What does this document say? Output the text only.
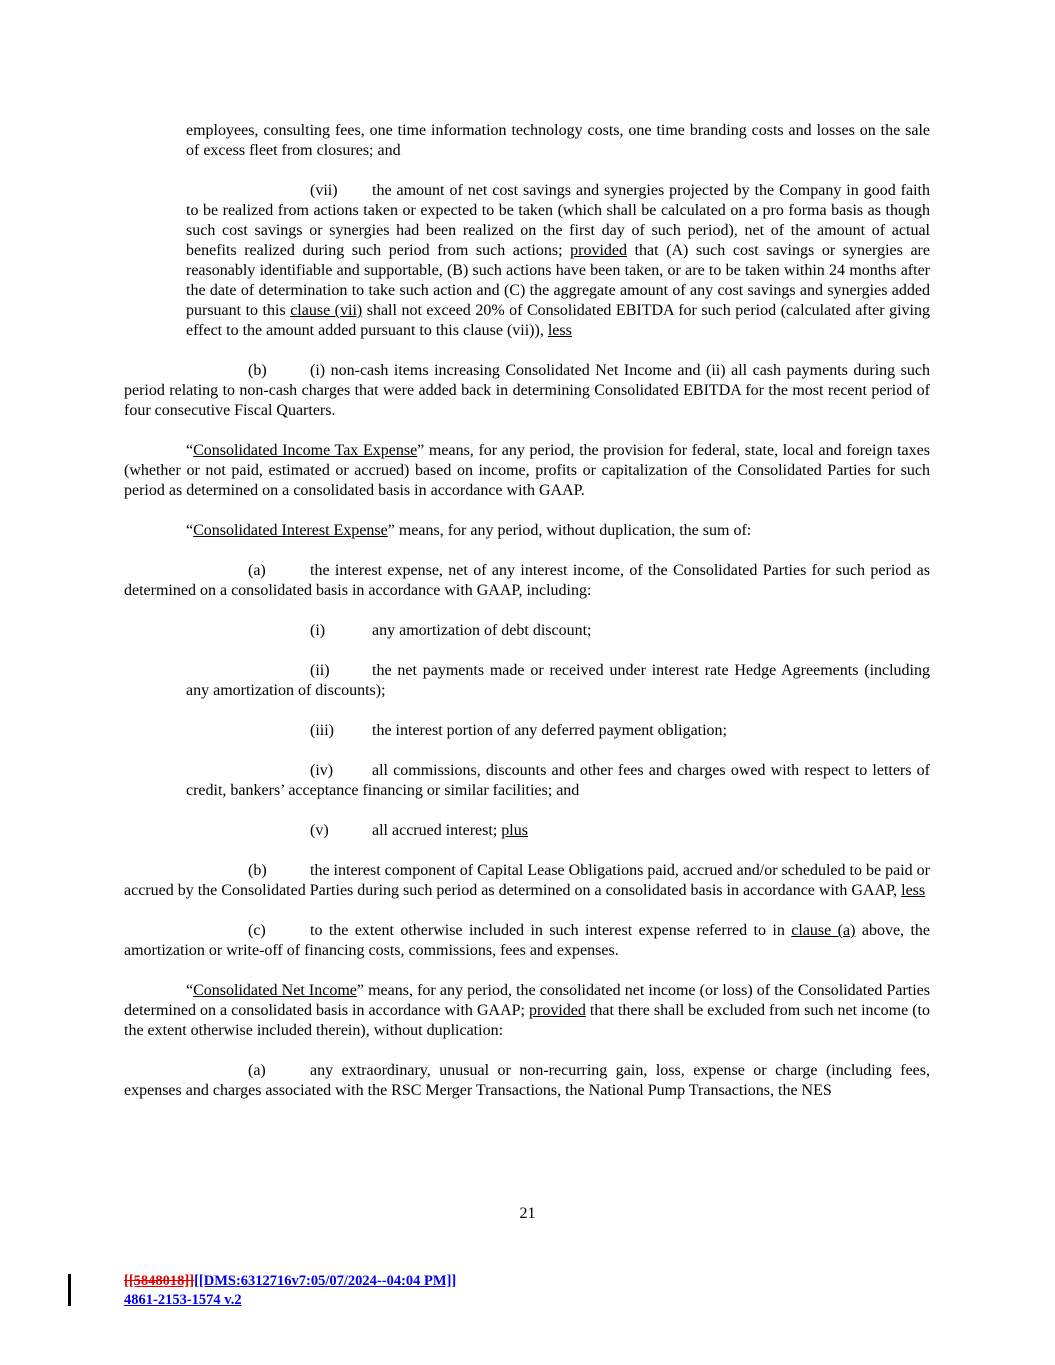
employees, consulting fees, one time information technology costs, one time branding costs and losses on the sale of excess fleet from closures; and

(vii) the amount of net cost savings and synergies projected by the Company in good faith to be realized from actions taken or expected to be taken (which shall be calculated on a pro forma basis as though such cost savings or synergies had been realized on the first day of such period), net of the amount of actual benefits realized during such period from such actions; provided that (A) such cost savings or synergies are reasonably identifiable and supportable, (B) such actions have been taken, or are to be taken within 24 months after the date of determination to take such action and (C) the aggregate amount of any cost savings and synergies added pursuant to this clause (vii) shall not exceed 20% of Consolidated EBITDA for such period (calculated after giving effect to the amount added pursuant to this clause (vii)), less

(b)	(i) non-cash items increasing Consolidated Net Income and (ii) all cash payments during such period relating to non-cash charges that were added back in determining Consolidated EBITDA for the most recent period of four consecutive Fiscal Quarters.

“Consolidated Income Tax Expense” means, for any period, the provision for federal, state, local and foreign taxes (whether or not paid, estimated or accrued) based on income, profits or capitalization of the Consolidated Parties for such period as determined on a consolidated basis in accordance with GAAP.

“Consolidated Interest Expense” means, for any period, without duplication, the sum of:

(a)	the interest expense, net of any interest income, of the Consolidated Parties for such period as determined on a consolidated basis in accordance with GAAP, including:

(i)	any amortization of debt discount;

(ii)	the net payments made or received under interest rate Hedge Agreements (including any amortization of discounts);

(iii) the interest portion of any deferred payment obligation;

(iv) all commissions, discounts and other fees and charges owed with respect to letters of credit, bankers’ acceptance financing or similar facilities; and

(v)	all accrued interest; plus

(b)	the interest component of Capital Lease Obligations paid, accrued and/or scheduled to be paid or accrued by the Consolidated Parties during such period as determined on a consolidated basis in accordance with GAAP, less

(c)	to the extent otherwise included in such interest expense referred to in clause (a) above, the amortization or write-off of financing costs, commissions, fees and expenses.

“Consolidated Net Income” means, for any period, the consolidated net income (or loss) of the Consolidated Parties determined on a consolidated basis in accordance with GAAP; provided that there shall be excluded from such net income (to the extent otherwise included therein), without duplication:

(a)	any extraordinary, unusual or non-recurring gain, loss, expense or charge (including fees, expenses and charges associated with the RSC Merger Transactions, the National Pump Transactions, the NES

21
[[5848018]][[DMS:6312716v7:05/07/2024--04:04 PM]]
4861-2153-1574 v.2
